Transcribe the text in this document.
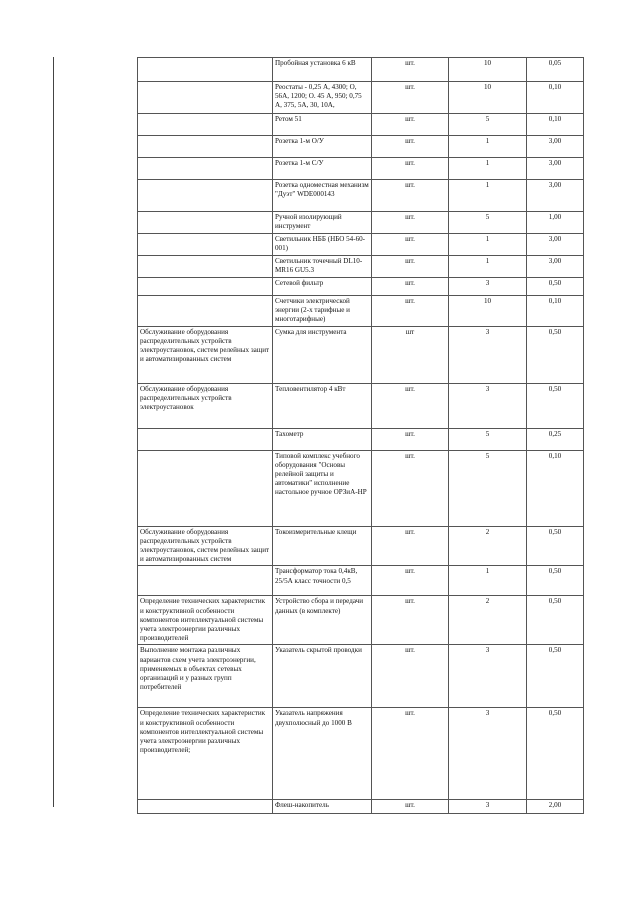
	Пробойная установка 6 кВ	шт.	10	0,05
	Реостаты - 0,25 А, 4300; О, 56А, 1200; О. 45 А, 950; 0,75 А, 375, 5А, 30, 10А,	шт.	10	0,10
	Ретом 51	шт.	5	0,10
	Розетка 1-м О/У	шт.	1	3,00
	Розетка 1-м С/У	шт.	1	3,00
	Розетка одноместная механизм "Дуэт" WDE000143	шт.	1	3,00
	Ручной изолирующий инструмент	шт.	5	1,00
	Светильник НББ (НБО 54-60-001)	шт.	1	3,00
	Светильник точечный DL10-MR16 GU5.3	шт.	1	3,00
	Сетевой фильтр	шт.	3	0,50
	Счетчики электрической энергии (2-х тарифные и многотарифные)	шт.	10	0,10
Обслуживание оборудования распределительных устройств электроустановок, систем релейных защит и автоматизированных систем	Сумка для инструмента	шт	3	0,50
Обслуживание оборудования распределительных устройств электроустановок	Тепловентилятор 4 кВт	шт.	3	0,50
	Тахометр	шт.	5	0,25
	Типовой комплекс учебного оборудования "Основы релейной защиты и автоматики" исполнение настольное ручное ОРЗиА-НР	шт.	5	0,10
Обслуживание оборудования распределительных устройств электроустановок, систем релейных защит и автоматизированных систем	Токоизмерительные клещи	шт.	2	0,50
	Трансформатор тока 0,4кВ, 25/5А класс точности 0,5	шт.	1	0,50
Определение технических характеристик и конструктивной особенности компонентов интеллектуальной системы учета электроэнергии различных производителей	Устройство сбора и передачи данных (в комплекте)	шт.	2	0,50
Выполнение монтажа различных вариантов схем учета электроэнергии, применяемых в объектах сетевых организаций и у разных групп потребителей	Указатель скрытой проводки	шт.	3	0,50
Определение технических характеристик и конструктивной особенности компонентов интеллектуальной системы учета электроэнергии различных производителей;	Указатель напряжения двухполюсный до 1000 В	шт.	3	0,50
	Флеш-накопитель	шт.	3	2,00
